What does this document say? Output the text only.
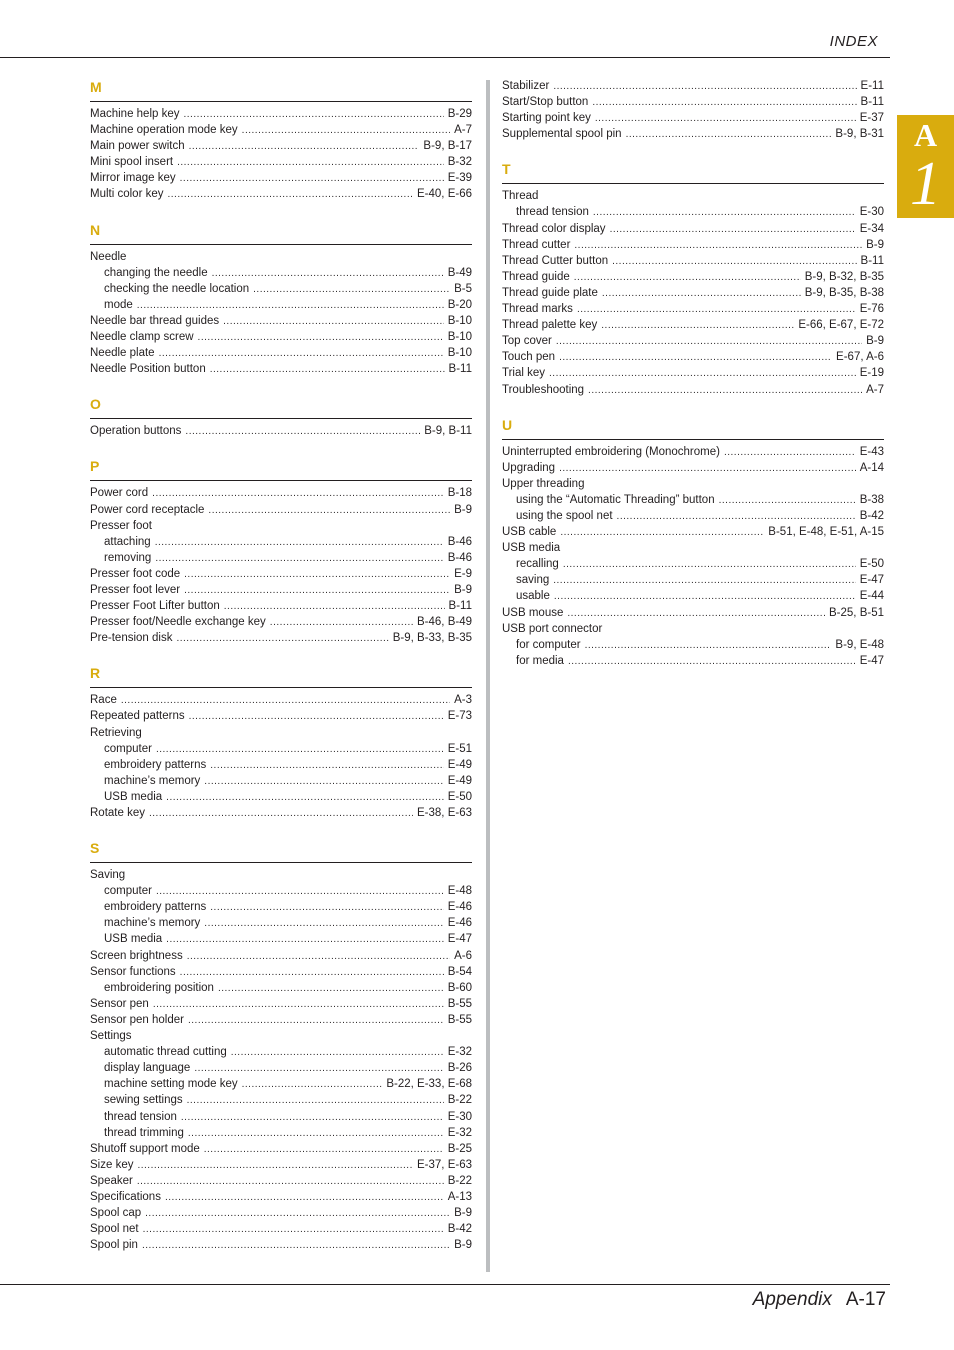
INDEX
A
1
M
Machine help key .....	B-29
Machine operation mode key .....	A-7
Main power switch .....	B-9, B-17
Mini spool insert .....	B-32
Mirror image key .....	E-39
Multi color key .....	E-40, E-66
N
Needle
changing the needle .....	B-49
checking the needle location .....	B-5
mode .....	B-20
Needle bar thread guides .....	B-10
Needle clamp screw .....	B-10
Needle plate .....	B-10
Needle Position button .....	B-11
O
Operation buttons .....	B-9, B-11
P
Power cord .....	B-18
Power cord receptacle .....	B-9
Presser foot
attaching .....	B-46
removing .....	B-46
Presser foot code .....	E-9
Presser foot lever .....	B-9
Presser Foot Lifter button .....	B-11
Presser foot/Needle exchange key .....	B-46, B-49
Pre-tension disk .....	B-9, B-33, B-35
R
Race .....	A-3
Repeated patterns .....	E-73
Retrieving
computer .....	E-51
embroidery patterns .....	E-49
machine’s memory .....	E-49
USB media .....	E-50
Rotate key .....	E-38, E-63
S
Saving
computer .....	E-48
embroidery patterns .....	E-46
machine’s memory .....	E-46
USB media .....	E-47
Screen brightness .....	A-6
Sensor functions .....	B-54
embroidering position .....	B-60
Sensor pen .....	B-55
Sensor pen holder .....	B-55
Settings
automatic thread cutting .....	E-32
display language .....	B-26
machine setting mode key .....	B-22, E-33, E-68
sewing settings .....	B-22
thread tension .....	E-30
thread trimming .....	E-32
Shutoff support mode .....	B-25
Size key .....	E-37, E-63
Speaker .....	B-22
Specifications .....	A-13
Spool cap .....	B-9
Spool net .....	B-42
Spool pin .....	B-9
Stabilizer .....	E-11
Start/Stop button .....	B-11
Starting point key .....	E-37
Supplemental spool pin .....	B-9, B-31
T
Thread
thread tension .....	E-30
Thread color display .....	E-34
Thread cutter .....	B-9
Thread Cutter button .....	B-11
Thread guide .....	B-9, B-32, B-35
Thread guide plate .....	B-9, B-35, B-38
Thread marks .....	E-76
Thread palette key .....	E-66, E-67, E-72
Top cover .....	B-9
Touch pen .....	E-67, A-6
Trial key .....	E-19
Troubleshooting .....	A-7
U
Uninterrupted embroidering (Monochrome) .....	E-43
Upgrading .....	A-14
Upper threading
using the “Automatic Threading” button .....	B-38
using the spool net .....	B-42
USB cable .....	B-51, E-48, E-51, A-15
USB media
recalling .....	E-50
saving .....	E-47
usable .....	E-44
USB mouse .....	B-25, B-51
USB port connector
for computer .....	B-9, E-48
for media .....	E-47
Appendix A-17
